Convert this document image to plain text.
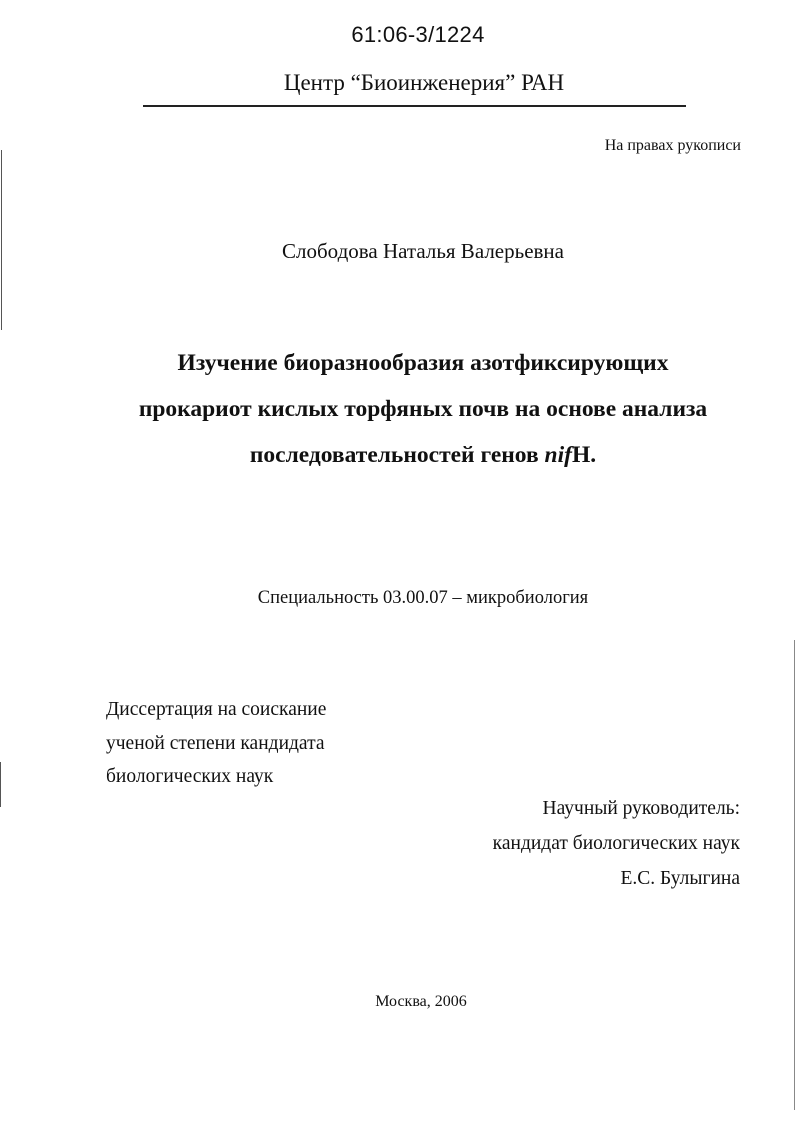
61:06-3/1224

Центр “Биоинженерия” РАН

На правах рукописи

Слободова Наталья Валерьевна

Изучение биоразнообразия азотфиксирующих
прокариот кислых торфяных почв на основе анализа
последовательностей генов nifH.

Специальность 03.00.07 – микробиология

Диссертация на соискание
ученой степени кандидата
биологических наук
Научный руководитель:
кандидат биологических наук
Е.С. Булыгина

Москва, 2006
